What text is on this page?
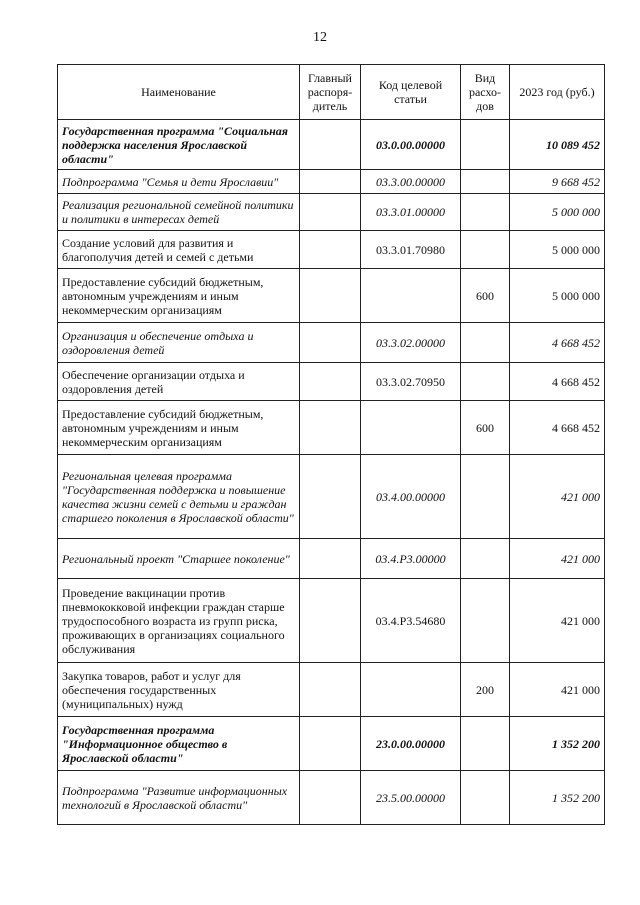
12
Наименование	Главный распоря-дитель	Код целевой статьи	Вид расхо-дов	2023 год (руб.)
Государственная программа "Социальная поддержка населения Ярославской области"		03.0.00.00000		10 089 452
Подпрограмма "Семья и дети Ярославии"		03.3.00.00000		9 668 452
Реализация региональной семейной политики и политики в интересах детей		03.3.01.00000		5 000 000
Создание условий для развития и благополучия детей и семей с детьми		03.3.01.70980		5 000 000
Предоставление субсидий бюджетным, автономным учреждениям и иным некоммерческим организациям			600	5 000 000
Организация и обеспечение отдыха и оздоровления детей		03.3.02.00000		4 668 452
Обеспечение организации отдыха и оздоровления детей		03.3.02.70950		4 668 452
Предоставление субсидий бюджетным, автономным учреждениям и иным некоммерческим организациям			600	4 668 452
Региональная целевая программа "Государственная поддержка и повышение качества жизни семей с детьми и граждан старшего поколения в Ярославской области"		03.4.00.00000		421 000
Региональный проект "Старшее поколение"		03.4.Р3.00000		421 000
Проведение вакцинации против пневмококковой инфекции граждан старше трудоспособного возраста из групп риска, проживающих в организациях социального обслуживания		03.4.Р3.54680		421 000
Закупка товаров, работ и услуг для обеспечения государственных (муниципальных) нужд			200	421 000
Государственная программа "Информационное общество в Ярославской области"		23.0.00.00000		1 352 200
Подпрограмма "Развитие информационных технологий в Ярославской области"		23.5.00.00000		1 352 200
